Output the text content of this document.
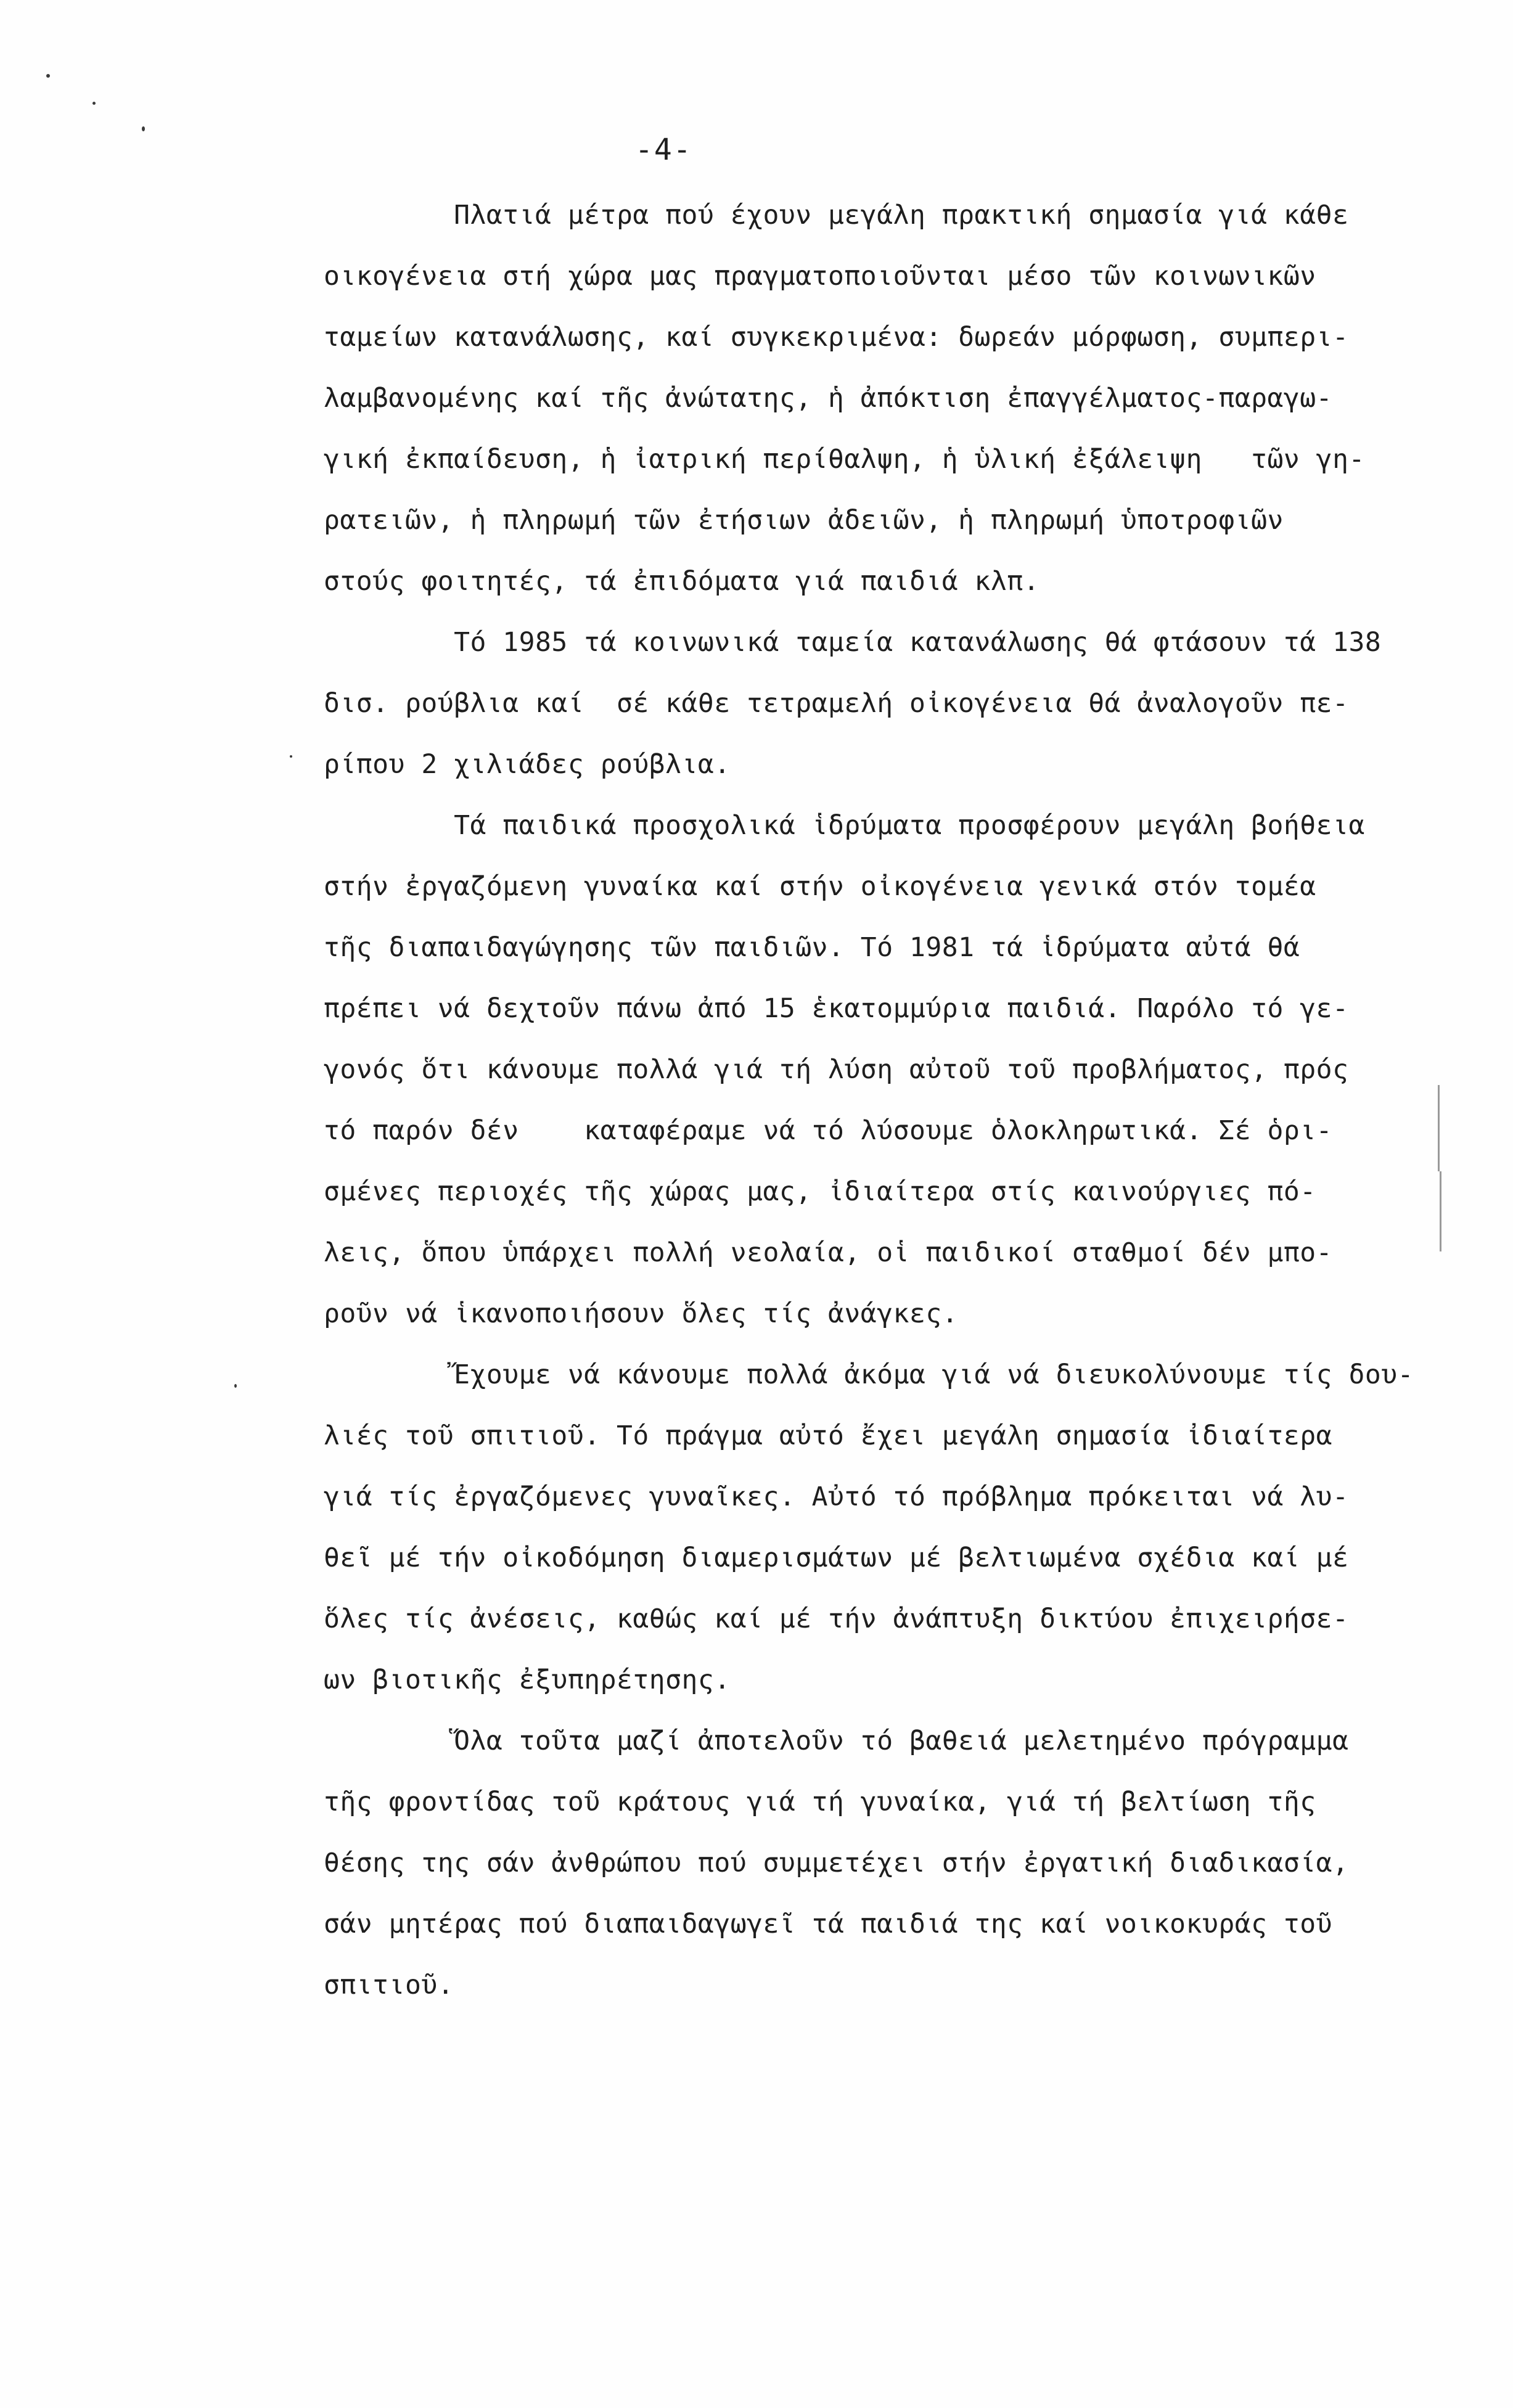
-4-
Πλατιά μέτρα πού έχουν μεγάλη πρακτική σημασία γιά κάθε
οικογένεια στή χώρα μας πραγματοποιοῦνται μέσο τῶν κοινωνικῶν
ταμείων κατανάλωσης, καί συγκεκριμένα: δωρεάν μόρφωση, συμπερι-
λαμβανομένης καί τῆς ἀνώτατης, ἡ ἀπόκτιση ἐπαγγέλματος-παραγω-
γική ἐκπαίδευση, ἡ ἰατρική περίθαλψη, ἡ ὑλική ἐξάλειψη   τῶν γη-
ρατειῶν, ἡ πληρωμή τῶν ἐτήσιων ἀδειῶν, ἡ πληρωμή ὑποτροφιῶν
στούς φοιτητές, τά ἐπιδόματα γιά παιδιά κλπ.
Τό 1985 τά κοινωνικά ταμεία κατανάλωσης θά φτάσουν τά 138
δισ. ρούβλια καί  σέ κάθε τετραμελή οἰκογένεια θά ἀναλογοῦν πε-
ρίπου 2 χιλιάδες ρούβλια.
Τά παιδικά προσχολικά ἱδρύματα προσφέρουν μεγάλη βοήθεια
στήν ἐργαζόμενη γυναίκα καί στήν οἰκογένεια γενικά στόν τομέα
τῆς διαπαιδαγώγησης τῶν παιδιῶν. Τό 1981 τά ἱδρύματα αὐτά θά
πρέπει νά δεχτοῦν πάνω ἀπό 15 ἑκατομμύρια παιδιά. Παρόλο τό γε-
γονός ὅτι κάνουμε πολλά γιά τή λύση αὐτοῦ τοῦ προβλήματος, πρός
τό παρόν δέν    καταφέραμε νά τό λύσουμε ὁλοκληρωτικά. Σέ ὁρι-
σμένες περιοχές τῆς χώρας μας, ἰδιαίτερα στίς καινούργιες πό-
λεις, ὅπου ὑπάρχει πολλή νεολαία, οἱ παιδικοί σταθμοί δέν μπο-
ροῦν νά ἱκανοποιήσουν ὅλες τίς ἀνάγκες.
Ἔχουμε νά κάνουμε πολλά ἀκόμα γιά νά διευκολύνουμε τίς δου-
λιές τοῦ σπιτιοῦ. Τό πράγμα αὐτό ἔχει μεγάλη σημασία ἰδιαίτερα
γιά τίς ἐργαζόμενες γυναῖκες. Αὐτό τό πρόβλημα πρόκειται νά λυ-
θεῖ μέ τήν οἰκοδόμηση διαμερισμάτων μέ βελτιωμένα σχέδια καί μέ
ὅλες τίς ἀνέσεις, καθώς καί μέ τήν ἀνάπτυξη δικτύου ἐπιχειρήσε-
ων βιοτικῆς ἐξυπηρέτησης.
Ὅλα τοῦτα μαζί ἀποτελοῦν τό βαθειά μελετημένο πρόγραμμα
τῆς φροντίδας τοῦ κράτους γιά τή γυναίκα, γιά τή βελτίωση τῆς
θέσης της σάν ἀνθρώπου πού συμμετέχει στήν ἐργατική διαδικασία,
σάν μητέρας πού διαπαιδαγωγεῖ τά παιδιά της καί νοικοκυράς τοῦ
σπιτιοῦ.
